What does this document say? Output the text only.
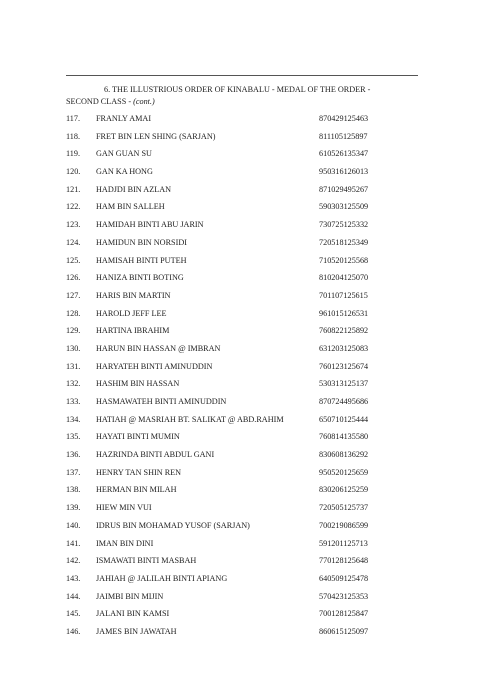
6. THE ILLUSTRIOUS ORDER OF KINABALU - MEDAL OF THE ORDER -
SECOND CLASS - (cont.)
117. FRANLY AMAI	870429125463
118. FRET BIN LEN SHING (SARJAN)	811105125897
119. GAN GUAN SU	610526135347
120. GAN KA HONG	950316126013
121. HADJDI BIN AZLAN	871029495267
122. HAM BIN SALLEH	590303125509
123. HAMIDAH BINTI ABU JARIN	730725125332
124. HAMIDUN BIN NORSIDI	720518125349
125. HAMISAH BINTI PUTEH	710520125568
126. HANIZA BINTI BOTING	810204125070
127. HARIS BIN MARTIN	701107125615
128. HAROLD JEFF LEE	961015126531
129. HARTINA IBRAHIM	760822125892
130. HARUN BIN HASSAN @ IMBRAN	631203125083
131. HARYATEH BINTI AMINUDDIN	760123125674
132. HASHIM BIN HASSAN	530313125137
133. HASMAWATEH BINTI AMINUDDIN	870724495686
134. HATIAH @ MASRIAH BT. SALIKAT @ ABD.RAHIM	650710125444
135. HAYATI BINTI MUMIN	760814135580
136. HAZRINDA BINTI ABDUL GANI	830608136292
137. HENRY TAN SHIN REN	950520125659
138. HERMAN BIN MILAH	830206125259
139. HIEW MIN VUI	720505125737
140. IDRUS BIN MOHAMAD YUSOF (SARJAN)	700219086599
141. IMAN BIN DINI	591201125713
142. ISMAWATI BINTI MASBAH	770128125648
143. JAHIAH @ JALILAH BINTI APIANG	640509125478
144. JAIMBI BIN MIJIN	570423125353
145. JALANI BIN KAMSI	700128125847
146. JAMES BIN JAWATAH	860615125097
